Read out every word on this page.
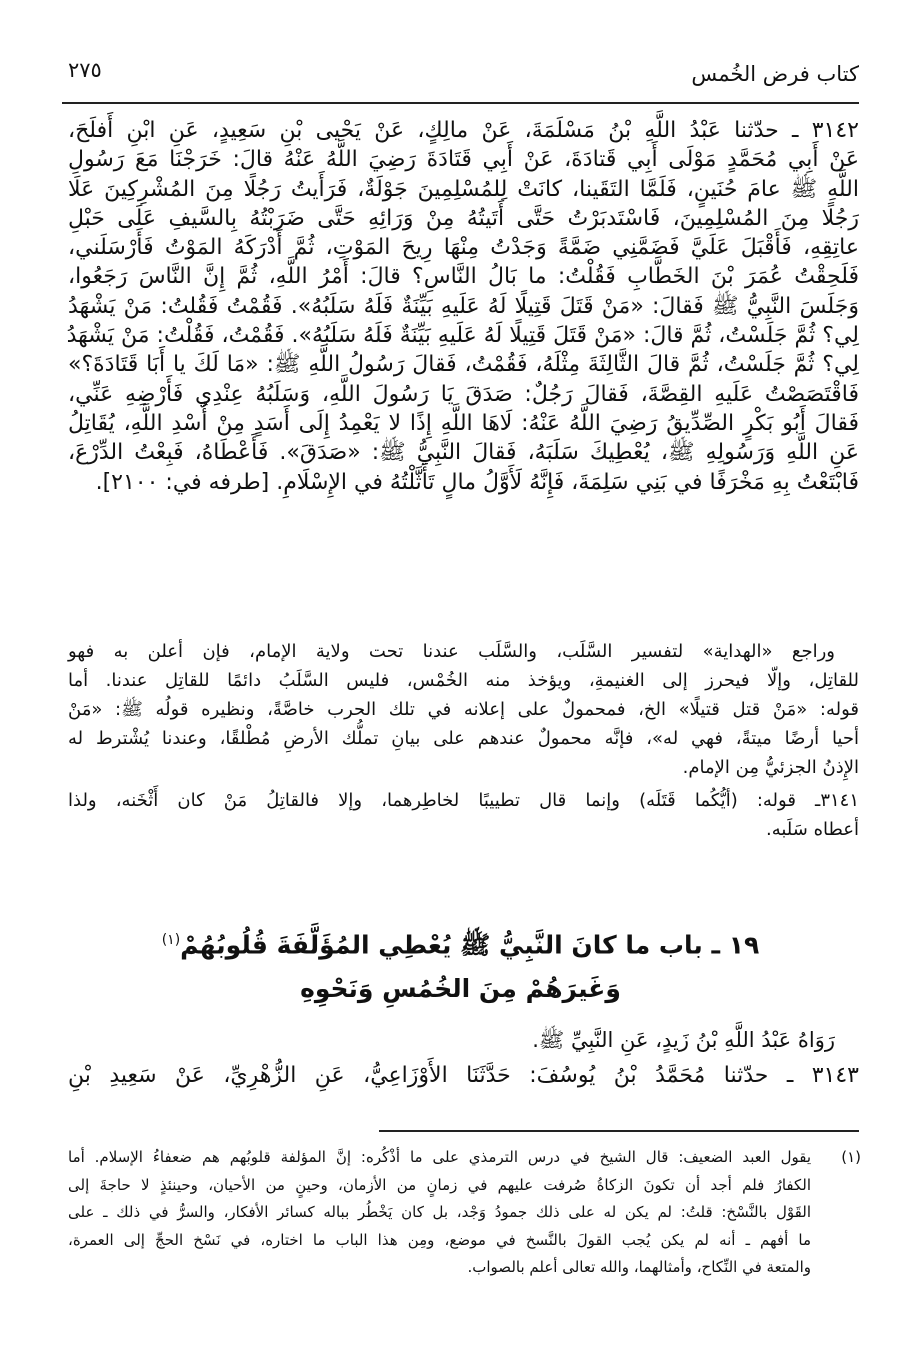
كتاب فرض الخُمس
٢٧٥
٣١٤٢ ـ حدّثنا عَبْدُ اللَّهِ بْنُ مَسْلَمَةَ، عَنْ مالِكٍ، عَنْ يَحْيى بْنِ سَعِيدٍ، عَنِ ابْنِ أَفلَحَ،
عَنْ أَبِي مُحَمَّدٍ مَوْلَى أَبِي قَتادَةَ، عَنْ أَبِي قَتَادَةَ رَضِيَ اللَّهُ عَنْهُ قالَ: خَرَجْنَا مَعَ رَسُولِ
اللَّهِ ﷺ عامَ حُنَينٍ، فَلَمَّا التَقَينا، كانَتْ لِلمُسْلِمِينَ جَوْلَةٌ، فَرَأَيتُ رَجُلًا مِنَ المُشْرِكِينَ عَلَا
رَجُلًا مِنَ المُسْلِمِينَ، فَاسْتَدبَرْتُ حَتَّى أَتَيتُهُ مِنْ وَرَائِهِ حَتَّى ضَرَبْتُهُ بِالسَّيفِ عَلَى حَبْلِ
عاتِقِهِ، فَأَقْبَلَ عَلَيَّ فَضَمَّنِي ضَمَّةً وَجَدْتُ مِنْهَا رِيحَ المَوْتِ، ثُمَّ أَدْرَكَهُ المَوْتُ فَأَرْسَلَني،
فَلَحِقْتُ عُمَرَ بْنَ الخَطَّابِ فَقُلْتُ: ما بَالُ النَّاسِ؟ قالَ: أَمْرُ اللَّهِ، ثُمَّ إِنَّ النَّاسَ رَجَعُوا،
وَجَلَسَ النَّبِيُّ ﷺ فَقالَ: «مَنْ قَتَلَ قَتِيلًا لَهُ عَلَيهِ بَيِّنَةٌ فَلَهُ سَلَبُهُ». فَقُمْتُ فَقُلتُ: مَنْ يَشْهَدُ
لِي؟ ثُمَّ جَلَسْتُ، ثُمَّ قالَ: «مَنْ قَتَلَ قَتِيلًا لَهُ عَلَيهِ بَيِّنَةٌ فَلَهُ سَلَبُهُ». فَقُمْتُ، فَقُلْتُ: مَنْ يَشْهَدُ
لِي؟ ثُمَّ جَلَسْتُ، ثُمَّ قالَ الثَّالِثَةَ مِثْلَهُ، فَقُمْتُ، فَقالَ رَسُولُ اللَّهِ ﷺ: «مَا لَكَ يا أَبَا قَتَادَةَ؟»
فَاقْتَصَصْتُ عَلَيهِ القِصَّةَ، فَقالَ رَجُلٌ: صَدَقَ يَا رَسُولَ اللَّهِ، وَسَلَبُهُ عِنْدِي فَأَرْضِهِ عَنِّي،
فَقالَ أَبُو بَكْرٍ الصِّدِّيقُ رَضِيَ اللَّهُ عَنْهُ: لَاهَا اللَّهِ إِذًا لا يَعْمِدُ إِلَى أَسَدٍ مِنْ أُسْدِ اللَّهِ، يُقَاتِلُ
عَنِ اللَّهِ وَرَسُولِهِ ﷺ، يُعْطِيكَ سَلَبَهُ، فَقالَ النَّبِيُّ ﷺ: «صَدَقَ». فَأَعْطَاهُ، فَبِعْتُ الدِّرْعَ،
فَابْتَعْتُ بِهِ مَخْرَفًا في بَنِي سَلِمَةَ، فَإِنَّهُ لَأَوَّلُ مالٍ تَأَثَّلْتُهُ في الإِسْلَامِ. [طرفه في: ٢١٠٠].
وراجع «الهداية» لتفسير السَّلَب، والسَّلَب عندنا تحت ولاية الإمام، فإن أعلن به فهو
للقاتِل، وإلّا فيحرز إلى الغنيمةِ، ويؤخذ منه الخُمْس، فليس السَّلَبُ دائمًا للقاتِل عندنا. أما
قوله: «مَنْ قتل قتيلًا» الخ، فمحمولٌ على إعلانه في تلك الحرب خاصَّةً، ونظيره قولُه ﷺ: «مَنْ
أحيا أرضًا ميتةً، فهي له»، فإنَّه محمولٌ عندهم على بيانِ تملُّك الأرضِ مُطْلقًا، وعندنا يُشْترط له
الإِذنُ الجزئيُّ مِن الإمام.
٣١٤١ـ قوله: (أيُّكُما قَتَلَه) وإنما قال تطييبًا لخاطِرهما، وإلا فالقاتِلُ مَنْ كان أَثْخَنه، ولذا
أعطاه سَلَبه.
١٩ ـ باب ما كانَ النَّبِيُّ ﷺ يُعْطِي المُؤَلَّفَةَ قُلُوبُهُمْ$^{(١)}$
وَغَيرَهُمْ مِنَ الخُمُسِ وَنَحْوِهِ
رَوَاهُ عَبْدُ اللَّهِ بْنُ زَيدٍ، عَنِ النَّبِيِّ ﷺ.
٣١٤٣ ـ حدّثنا مُحَمَّدُ بْنُ يُوسُفَ: حَدَّثَنَا الأَوْزَاعِيُّ، عَنِ الزُّهْرِيِّ، عَنْ سَعِيدِ بْنِ
(١)
يقول العبد الضعيف: قال الشيخ في درس الترمذي على ما أذْكُره: إنَّ المؤلفة قلوبُهم هم ضعفاءُ الإسلام. أما
الكفارُ فلم أجد أن تكونَ الزكاةُ صُرفت عليهم في زمانٍ من الأزمان، وحينٍ من الأحيان، وحينئذٍ لا حاجةَ إلى
القَوْل بالنَّسْخ: قلتُ: لم يكن له على ذلك جمودُ وَجْد، بل كان يَخْطُر بباله كسائر الأفكار، والسرُّ في ذلك ـ على
ما أفهم ـ أنه لم يكن يُجب القولَ بالنَّسخ في موضع، ومِن هذا الباب ما اختاره، في نَسْخ الحجِّ إلى العمرة،
والمتعة في النِّكاح، وأمثالهما، والله تعالى أعلم بالصواب.
